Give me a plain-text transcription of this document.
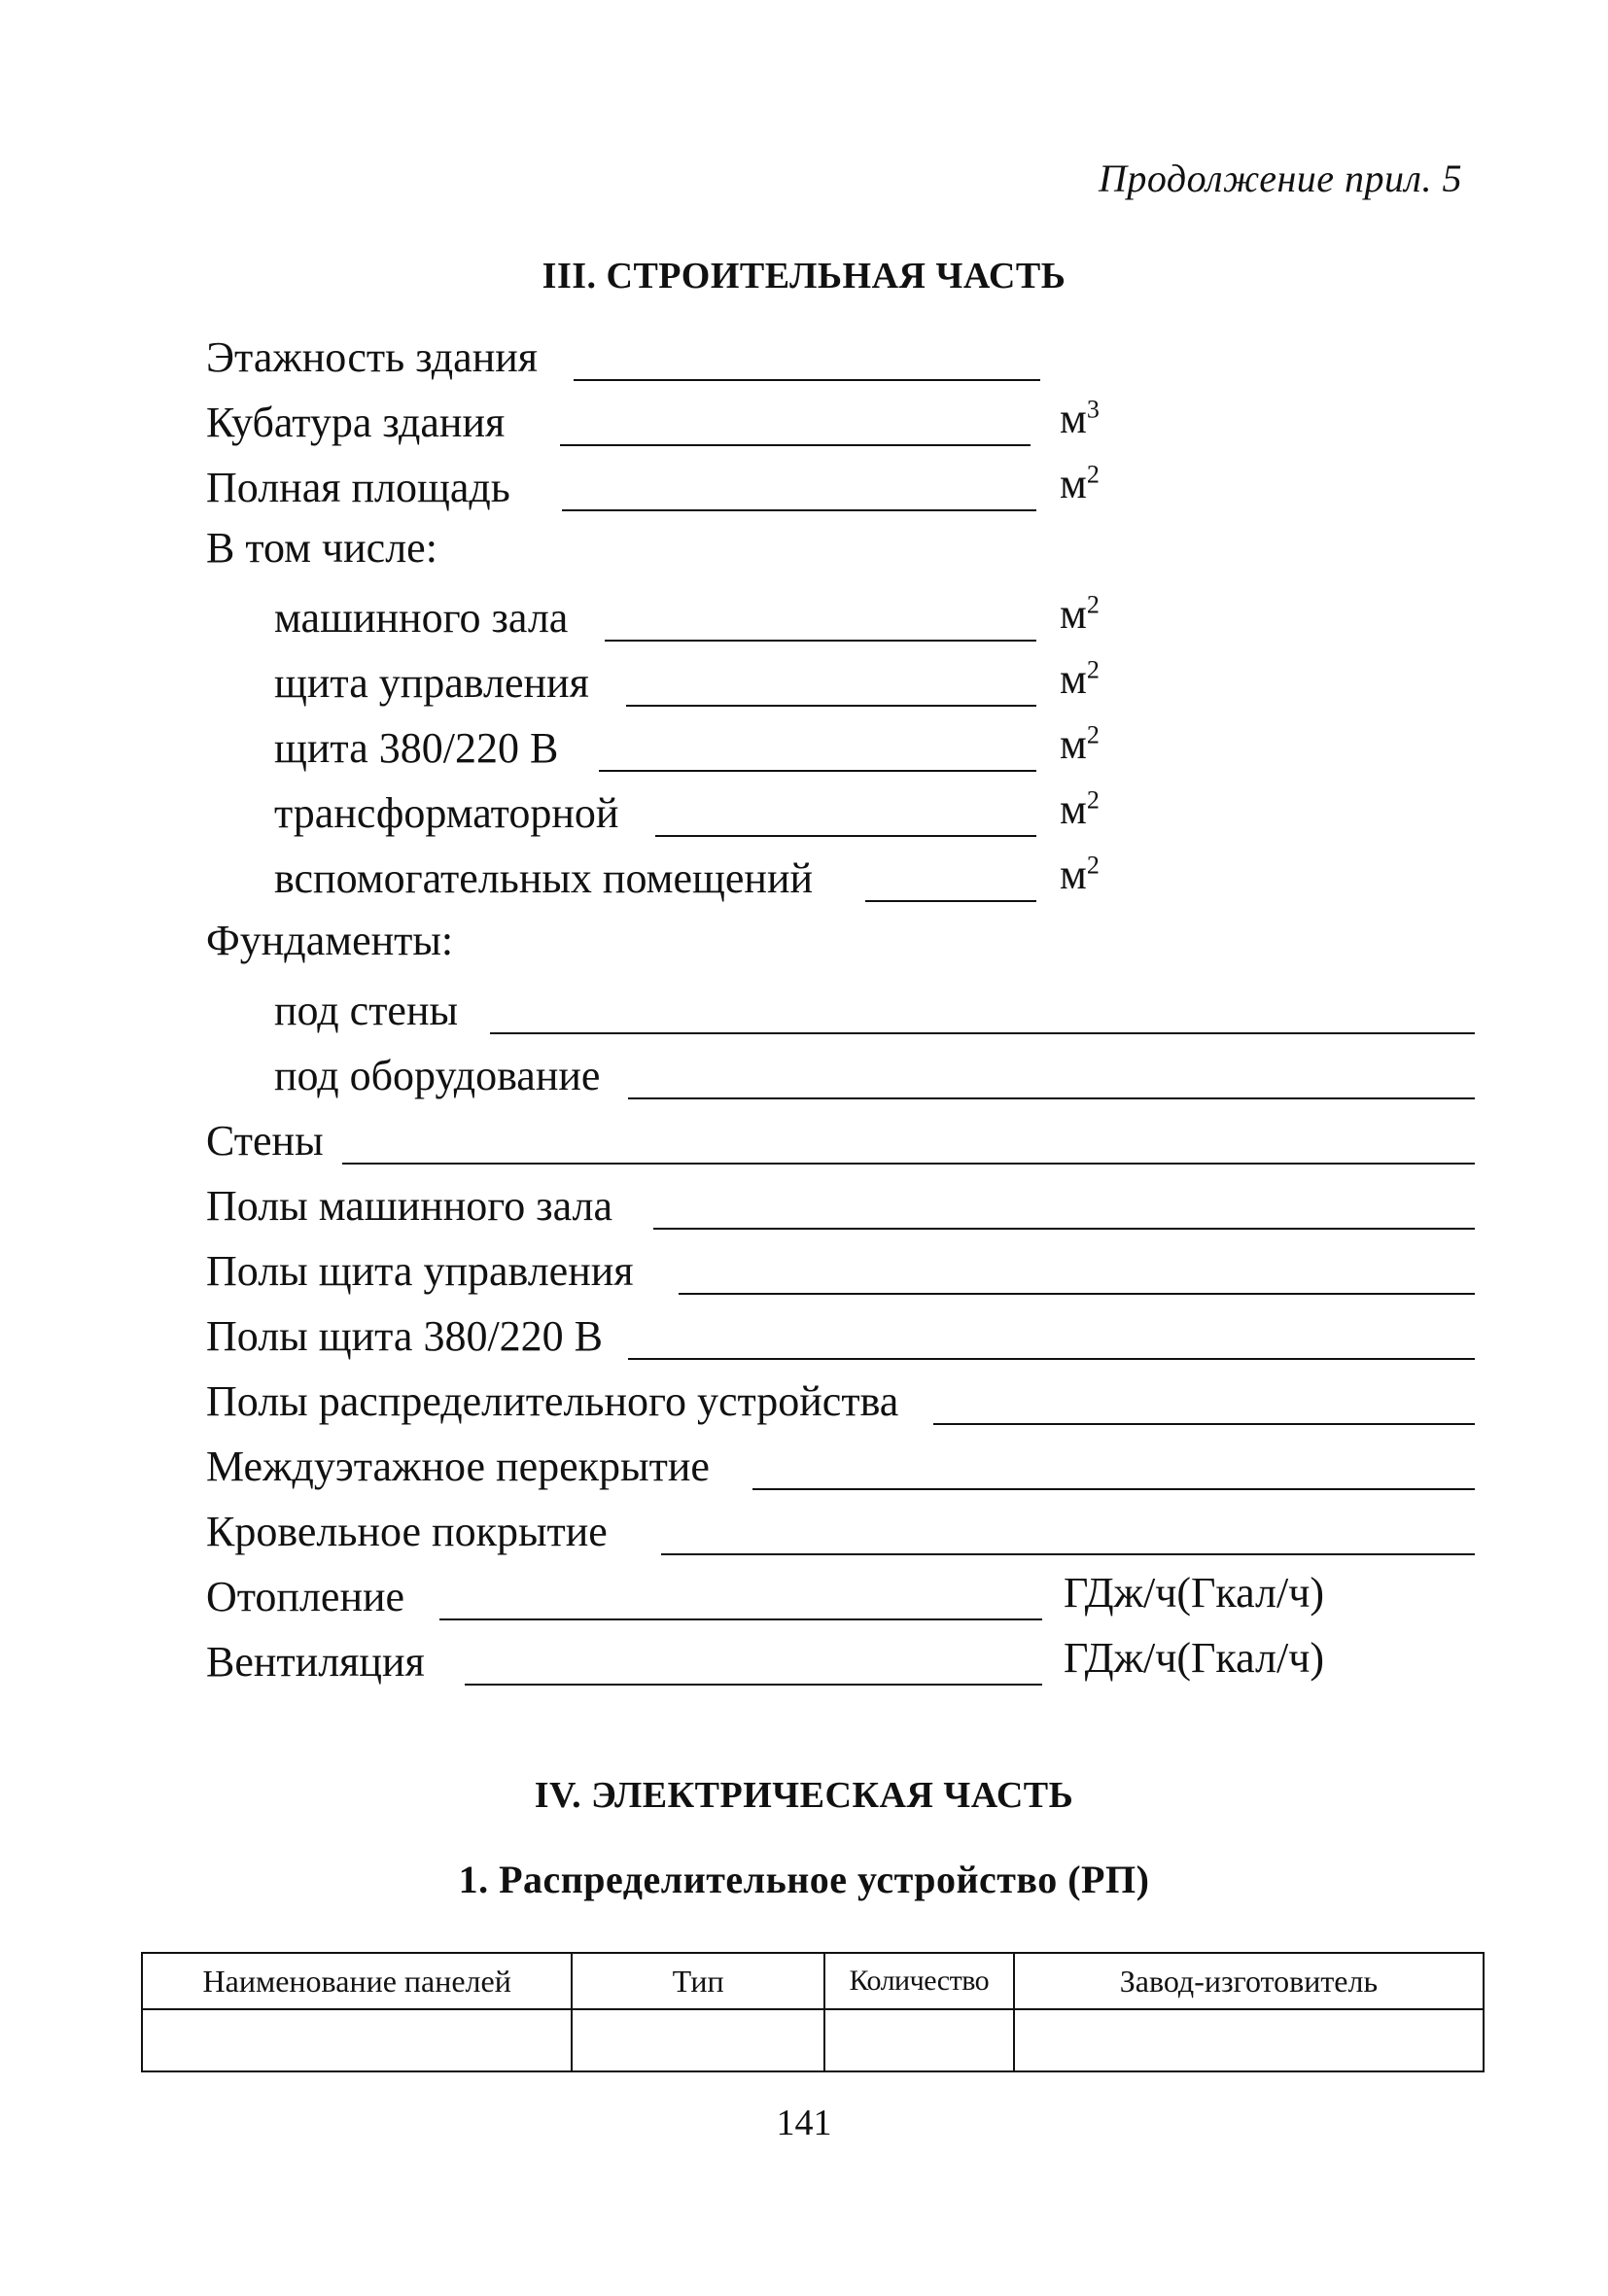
Продолжение прил. 5
III. СТРОИТЕЛЬНАЯ ЧАСТЬ
Этажность здания
Кубатура здания	$м^3$
Полная площадь	$м^2$
В том числе:
машинного зала	$м^2$
щита управления	$м^2$
щита 380/220 В	$м^2$
трансформаторной	$м^2$
вспомогательных помещений	$м^2$
Фундаменты:
под стены
под оборудование
Стены
Полы машинного зала
Полы щита управления
Полы щита 380/220 В
Полы распределительного устройства
Междуэтажное перекрытие
Кровельное покрытие
Отопление	ГДж/ч(Гкал/ч)
Вентиляция	ГДж/ч(Гкал/ч)
IV. ЭЛЕКТРИЧЕСКАЯ ЧАСТЬ
1. Распределительное устройство (РП)
Наименование панелей	Тип	Количество	Завод-изготовитель

141
